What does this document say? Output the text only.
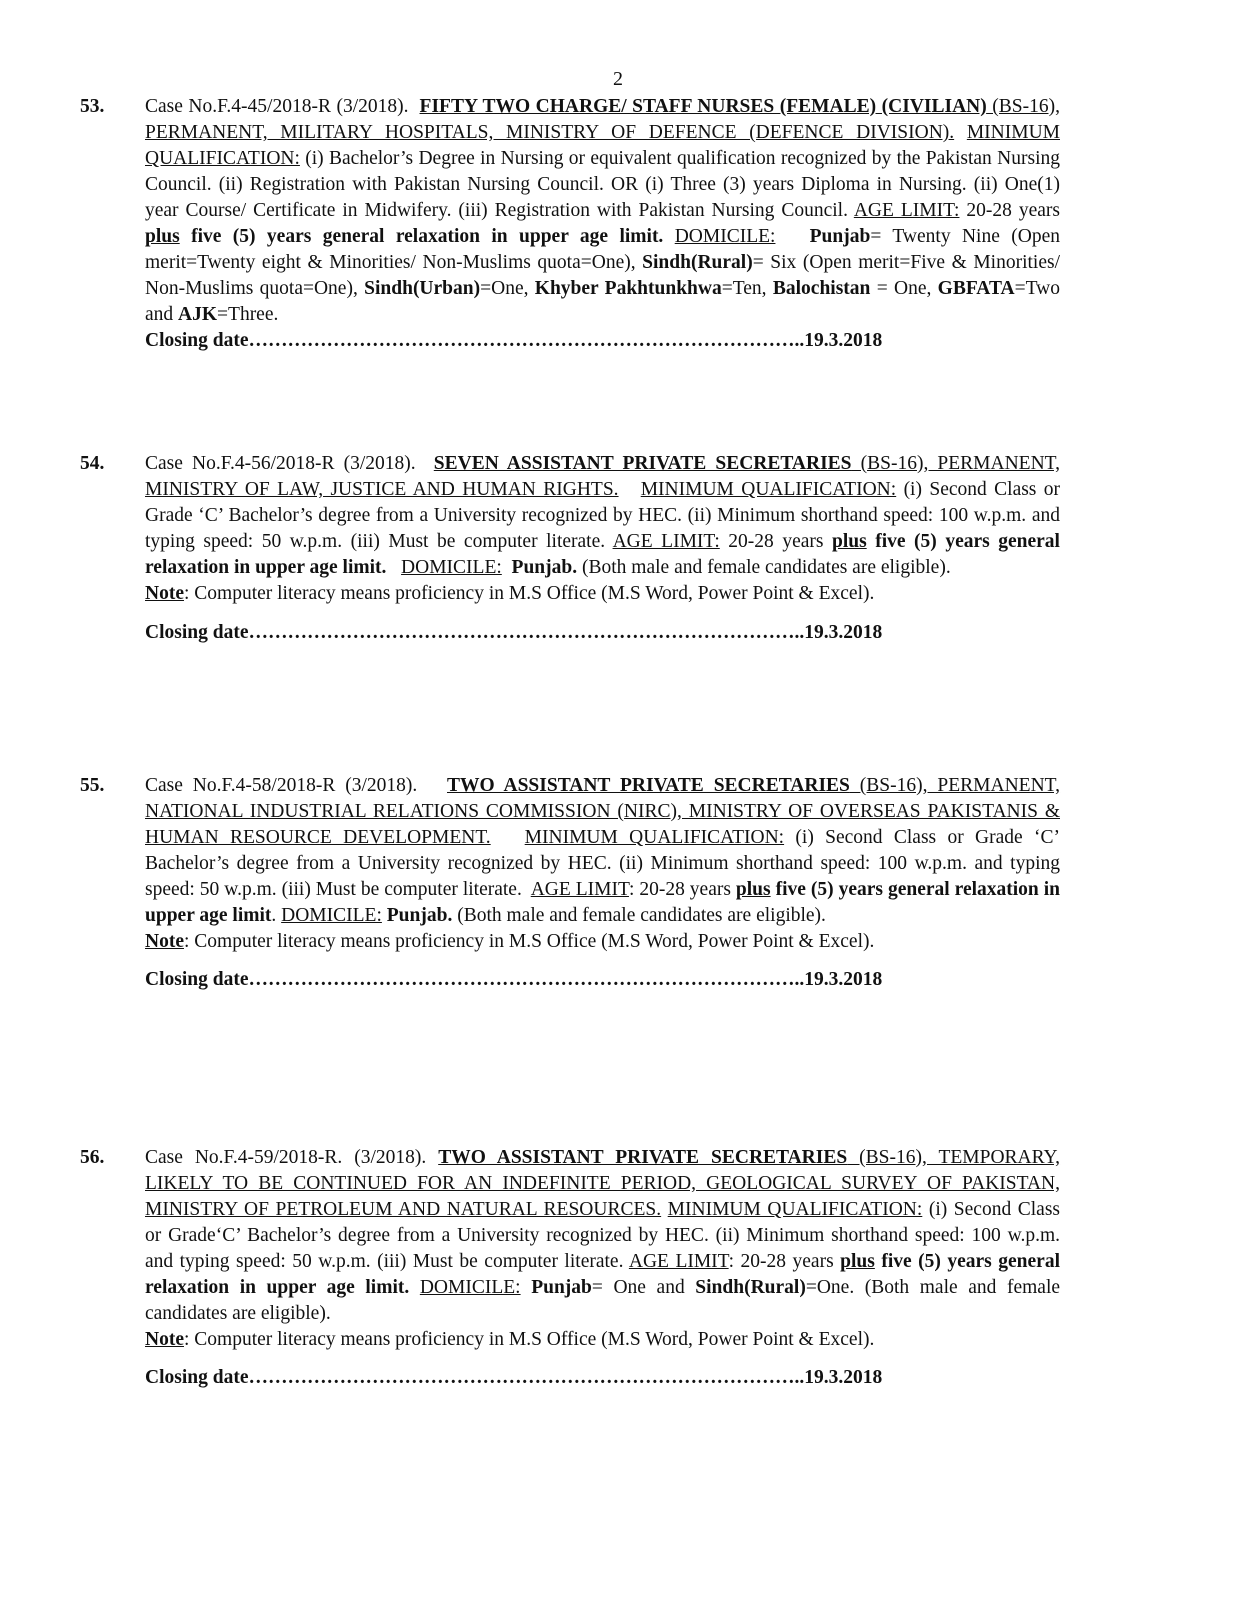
2
53. Case No.F.4-45/2018-R (3/2018). FIFTY TWO CHARGE/ STAFF NURSES (FEMALE) (CIVILIAN) (BS-16), PERMANENT, MILITARY HOSPITALS, MINISTRY OF DEFENCE (DEFENCE DIVISION). MINIMUM QUALIFICATION: (i) Bachelor’s Degree in Nursing or equivalent qualification recognized by the Pakistan Nursing Council. (ii) Registration with Pakistan Nursing Council. OR (i) Three (3) years Diploma in Nursing. (ii) One(1) year Course/ Certificate in Midwifery. (iii) Registration with Pakistan Nursing Council. AGE LIMIT: 20-28 years plus five (5) years general relaxation in upper age limit. DOMICILE: Punjab= Twenty Nine (Open merit=Twenty eight & Minorities/ Non-Muslims quota=One), Sindh(Rural)= Six (Open merit=Five & Minorities/ Non-Muslims quota=One), Sindh(Urban)=One, Khyber Pakhtunkhwa=Ten, Balochistan = One, GBFATA=Two and AJK=Three.

Closing date…………………………………………………………………………..19.3.2018

54. Case No.F.4-56/2018-R (3/2018). SEVEN ASSISTANT PRIVATE SECRETARIES (BS-16), PERMANENT, MINISTRY OF LAW, JUSTICE AND HUMAN RIGHTS. MINIMUM QUALIFICATION: (i) Second Class or Grade ‘C’ Bachelor’s degree from a University recognized by HEC. (ii) Minimum shorthand speed: 100 w.p.m. and typing speed: 50 w.p.m. (iii) Must be computer literate. AGE LIMIT: 20-28 years plus five (5) years general relaxation in upper age limit. DOMICILE: Punjab. (Both male and female candidates are eligible).

Note: Computer literacy means proficiency in M.S Office (M.S Word, Power Point & Excel).

Closing date…………………………………………………………………………..19.3.2018

55. Case No.F.4-58/2018-R (3/2018). TWO ASSISTANT PRIVATE SECRETARIES (BS-16), PERMANENT, NATIONAL INDUSTRIAL RELATIONS COMMISSION (NIRC), MINISTRY OF OVERSEAS PAKISTANIS & HUMAN RESOURCE DEVELOPMENT. MINIMUM QUALIFICATION: (i) Second Class or Grade ‘C’ Bachelor’s degree from a University recognized by HEC. (ii) Minimum shorthand speed: 100 w.p.m. and typing speed: 50 w.p.m. (iii) Must be computer literate. AGE LIMIT: 20-28 years plus five (5) years general relaxation in upper age limit. DOMICILE: Punjab. (Both male and female candidates are eligible).

Note: Computer literacy means proficiency in M.S Office (M.S Word, Power Point & Excel).

Closing date…………………………………………………………………………..19.3.2018

56. Case No.F.4-59/2018-R. (3/2018). TWO ASSISTANT PRIVATE SECRETARIES (BS-16), TEMPORARY, LIKELY TO BE CONTINUED FOR AN INDEFINITE PERIOD, GEOLOGICAL SURVEY OF PAKISTAN, MINISTRY OF PETROLEUM AND NATURAL RESOURCES. MINIMUM QUALIFICATION: (i) Second Class or Grade‘C’ Bachelor’s degree from a University recognized by HEC. (ii) Minimum shorthand speed: 100 w.p.m. and typing speed: 50 w.p.m. (iii) Must be computer literate. AGE LIMIT: 20-28 years plus five (5) years general relaxation in upper age limit. DOMICILE: Punjab= One and Sindh(Rural)=One. (Both male and female candidates are eligible).

Note: Computer literacy means proficiency in M.S Office (M.S Word, Power Point & Excel).

Closing date…………………………………………………………………………..19.3.2018
